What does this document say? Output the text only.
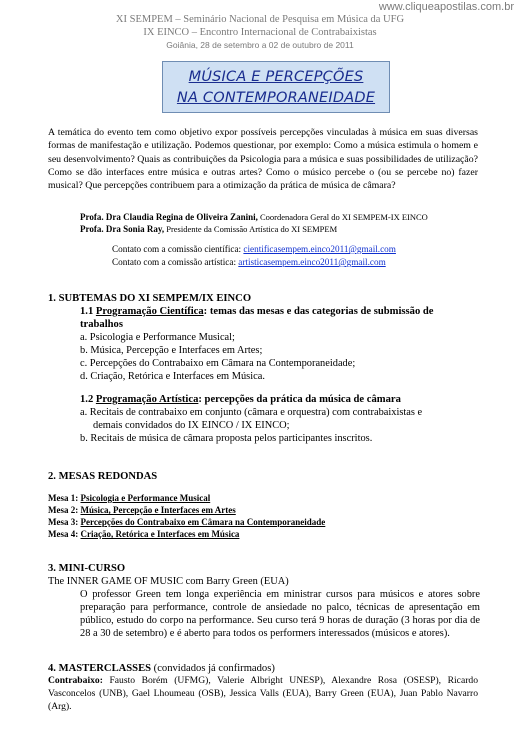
www.cliqueapostilas.com.br
XI SEMPEM – Seminário Nacional de Pesquisa em Música da UFG
IX EINCO – Encontro Internacional de Contrabaixistas
Goiânia, 28 de setembro a 02 de outubro de 2011
MÚSICA E PERCEPÇÕES
NA CONTEMPORANEIDADE
A temática do evento tem como objetivo expor possíveis percepções vinculadas à música em suas diversas formas de manifestação e utilização. Podemos questionar, por exemplo: Como a música estimula o homem e seu desenvolvimento? Quais as contribuições da Psicologia para a música e suas possibilidades de utilização? Como se dão interfaces entre música e outras artes? Como o músico percebe o (ou se percebe no) fazer musical? Que percepções contribuem para a otimização da prática de música de câmara?
Profa. Dra Claudia Regina de Oliveira Zanini, Coordenadora Geral do XI SEMPEM-IX EINCO
Profa. Dra Sonia Ray, Presidente da Comissão Artística do XI SEMPEM
Contato com a comissão científica: cientificasempem.einco2011@gmail.com
Contato com a comissão artística: artisticasempem.einco2011@gmail.com
1. SUBTEMAS DO XI SEMPEM/IX EINCO
1.1 Programação Científica: temas das mesas e das categorias de submissão de
trabalhos
a. Psicologia e Performance Musical;
b. Música, Percepção e Interfaces em Artes;
c. Percepções do Contrabaixo em Câmara na Contemporaneidade;
d. Criação, Retórica e Interfaces em Música.
1.2 Programação Artística: percepções da prática da música de câmara
a. Recitais de contrabaixo em conjunto (câmara e orquestra) com contrabaixistas e
demais convidados do IX EINCO / IX EINCO;
b. Recitais de música de câmara proposta pelos participantes inscritos.
2. MESAS REDONDAS
Mesa 1: Psicologia e Performance Musical
Mesa 2: Música, Percepção e Interfaces em Artes
Mesa 3: Percepções do Contrabaixo em Câmara na Contemporaneidade
Mesa 4: Criação, Retórica e Interfaces em Música
3. MINI-CURSO
The INNER GAME OF MUSIC com Barry Green (EUA)
O professor Green tem longa experiência em ministrar cursos para músicos e atores sobre preparação para performance, controle de ansiedade no palco, técnicas de apresentação em público, estudo do corpo na performance. Seu curso terá 9 horas de duração (3 horas por dia de 28 a 30 de setembro) e é aberto para todos os performers interessados (músicos e atores).
4. MASTERCLASSES (convidados já confirmados)
Contrabaixo: Fausto Borém (UFMG), Valerie Albright UNESP), Alexandre Rosa (OSESP), Ricardo Vasconcelos (UNB), Gael Lhoumeau (OSB), Jessica Valls (EUA), Barry Green (EUA), Juan Pablo Navarro (Arg).
